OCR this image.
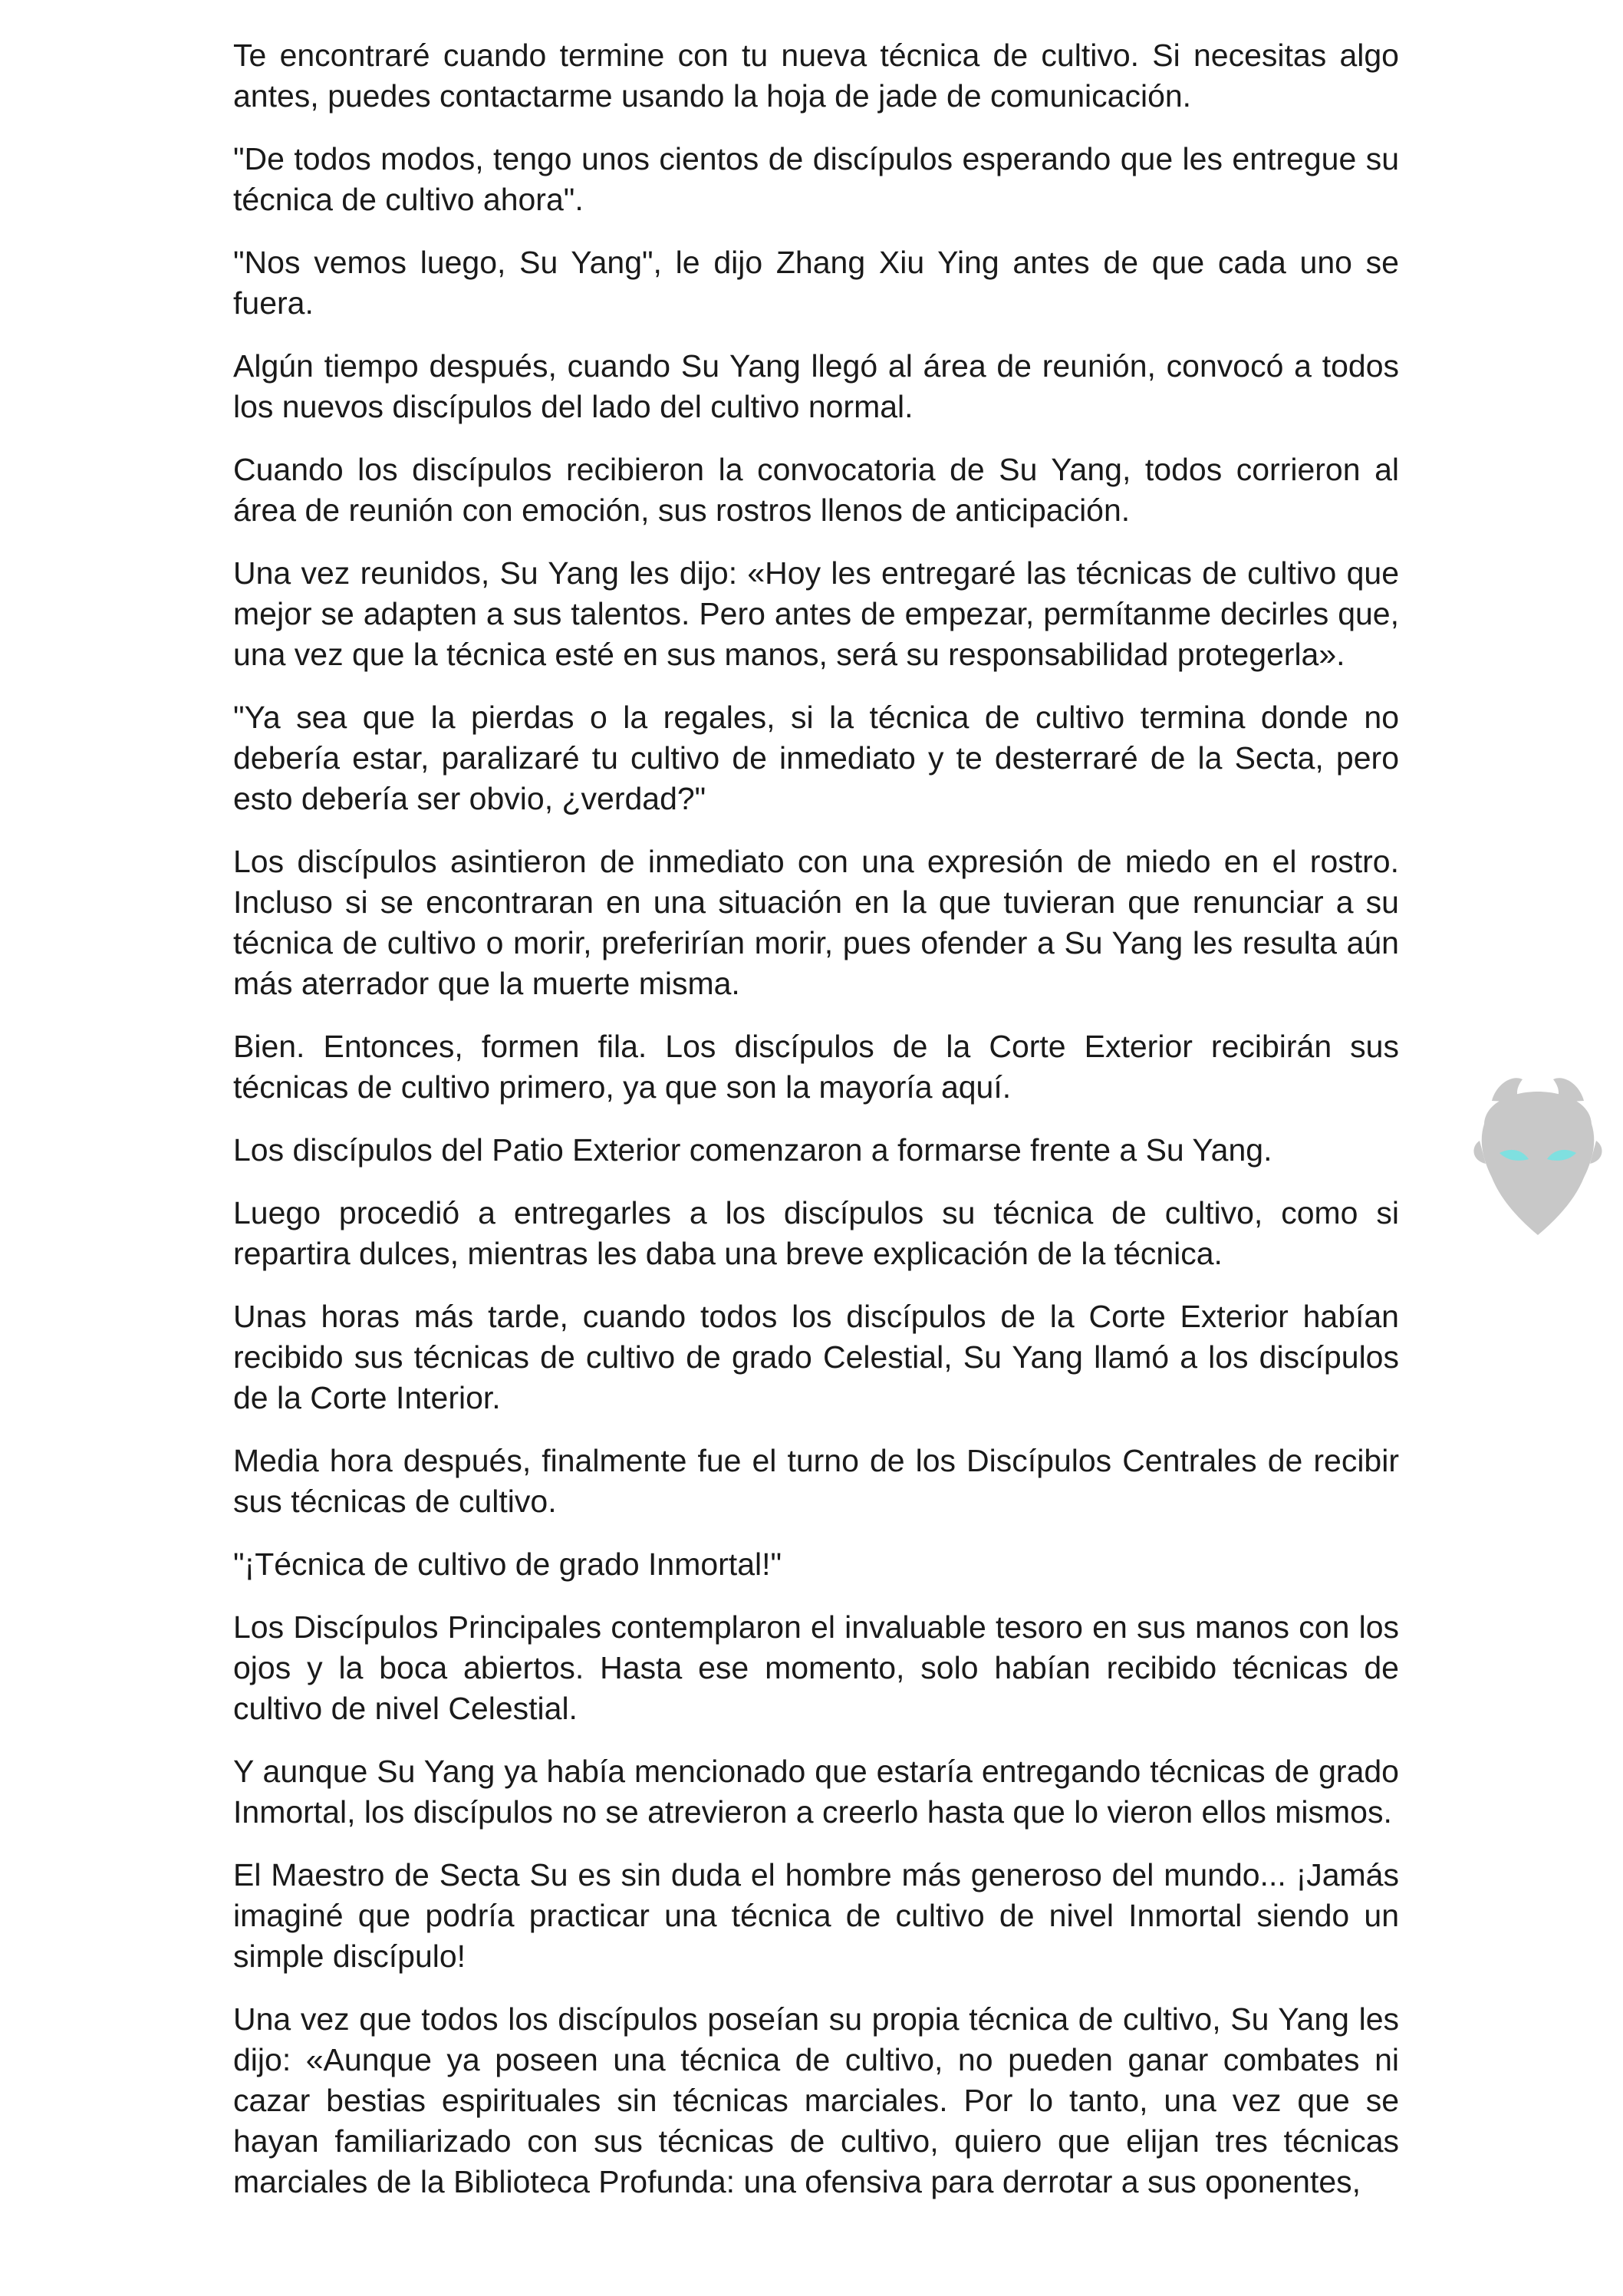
Te encontraré cuando termine con tu nueva técnica de cultivo. Si necesitas algo antes, puedes contactarme usando la hoja de jade de comunicación.

"De todos modos, tengo unos cientos de discípulos esperando que les entregue su técnica de cultivo ahora".

"Nos vemos luego, Su Yang", le dijo Zhang Xiu Ying antes de que cada uno se fuera.

Algún tiempo después, cuando Su Yang llegó al área de reunión, convocó a todos los nuevos discípulos del lado del cultivo normal.

Cuando los discípulos recibieron la convocatoria de Su Yang, todos corrieron al área de reunión con emoción, sus rostros llenos de anticipación.

Una vez reunidos, Su Yang les dijo: «Hoy les entregaré las técnicas de cultivo que mejor se adapten a sus talentos. Pero antes de empezar, permítanme decirles que, una vez que la técnica esté en sus manos, será su responsabilidad protegerla».

"Ya sea que la pierdas o la regales, si la técnica de cultivo termina donde no debería estar, paralizaré tu cultivo de inmediato y te desterraré de la Secta, pero esto debería ser obvio, ¿verdad?"

Los discípulos asintieron de inmediato con una expresión de miedo en el rostro. Incluso si se encontraran en una situación en la que tuvieran que renunciar a su técnica de cultivo o morir, preferirían morir, pues ofender a Su Yang les resulta aún más aterrador que la muerte misma.

Bien. Entonces, formen fila. Los discípulos de la Corte Exterior recibirán sus técnicas de cultivo primero, ya que son la mayoría aquí.

Los discípulos del Patio Exterior comenzaron a formarse frente a Su Yang.

Luego procedió a entregarles a los discípulos su técnica de cultivo, como si repartira dulces, mientras les daba una breve explicación de la técnica.

Unas horas más tarde, cuando todos los discípulos de la Corte Exterior habían recibido sus técnicas de cultivo de grado Celestial, Su Yang llamó a los discípulos de la Corte Interior.

Media hora después, finalmente fue el turno de los Discípulos Centrales de recibir sus técnicas de cultivo.

"¡Técnica de cultivo de grado Inmortal!"

Los Discípulos Principales contemplaron el invaluable tesoro en sus manos con los ojos y la boca abiertos. Hasta ese momento, solo habían recibido técnicas de cultivo de nivel Celestial.

Y aunque Su Yang ya había mencionado que estaría entregando técnicas de grado Inmortal, los discípulos no se atrevieron a creerlo hasta que lo vieron ellos mismos.

El Maestro de Secta Su es sin duda el hombre más generoso del mundo... ¡Jamás imaginé que podría practicar una técnica de cultivo de nivel Inmortal siendo un simple discípulo!

Una vez que todos los discípulos poseían su propia técnica de cultivo, Su Yang les dijo: «Aunque ya poseen una técnica de cultivo, no pueden ganar combates ni cazar bestias espirituales sin técnicas marciales. Por lo tanto, una vez que se hayan familiarizado con sus técnicas de cultivo, quiero que elijan tres técnicas marciales de la Biblioteca Profunda: una ofensiva para derrotar a sus oponentes,
